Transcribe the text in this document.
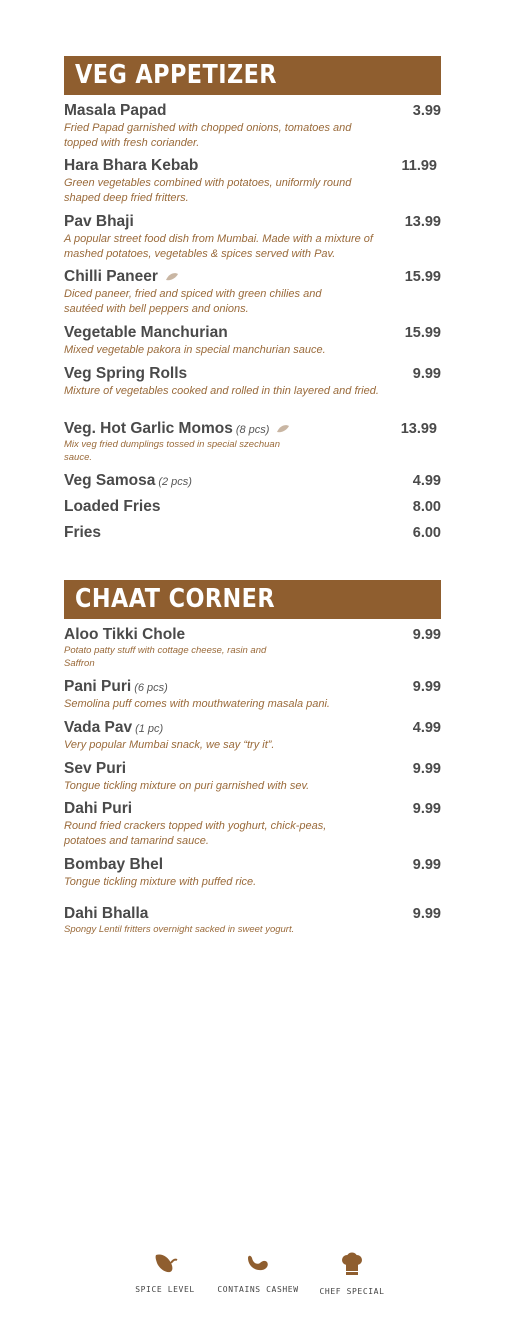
VEG APPETIZER
Masala Papad	3.99
Fried Papad garnished with chopped onions, tomatoes and topped with fresh coriander.
Hara Bhara Kebab	11.99
Green vegetables combined with potatoes, uniformly round shaped deep fried fritters.
Pav Bhaji	13.99
A popular street food dish from Mumbai. Made with a mixture of mashed potatoes, vegetables & spices served with Pav.
Chilli Paneer	15.99
Diced paneer, fried and spiced with green chilies and sautéed with bell peppers and onions.
Vegetable Manchurian	15.99
Mixed vegetable pakora in special manchurian sauce.
Veg Spring Rolls	9.99
Mixture of vegetables cooked and rolled in thin layered and fried.
Veg. Hot Garlic Momos (8 pcs)	13.99
Mix veg fried dumplings tossed in special szechuan sauce.
Veg Samosa (2 pcs)	4.99
Loaded Fries	8.00
Fries	6.00
CHAAT CORNER
Aloo Tikki Chole	9.99
Potato patty stuff with cottage cheese, rasin and Saffron
Pani Puri (6 pcs)	9.99
Semolina puff comes with mouthwatering masala pani.
Vada Pav (1 pc)	4.99
Very popular Mumbai snack, we say “try it”.
Sev Puri	9.99
Tongue tickling mixture on puri garnished with sev.
Dahi Puri	9.99
Round fried crackers topped with yoghurt, chick-peas, potatoes and tamarind sauce.
Bombay Bhel	9.99
Tongue tickling mixture with puffed rice.
Dahi Bhalla	9.99
Spongy Lentil fritters overnight sacked in sweet yogurt.
SPICE LEVEL	CONTAINS CASHEW	CHEF SPECIAL
